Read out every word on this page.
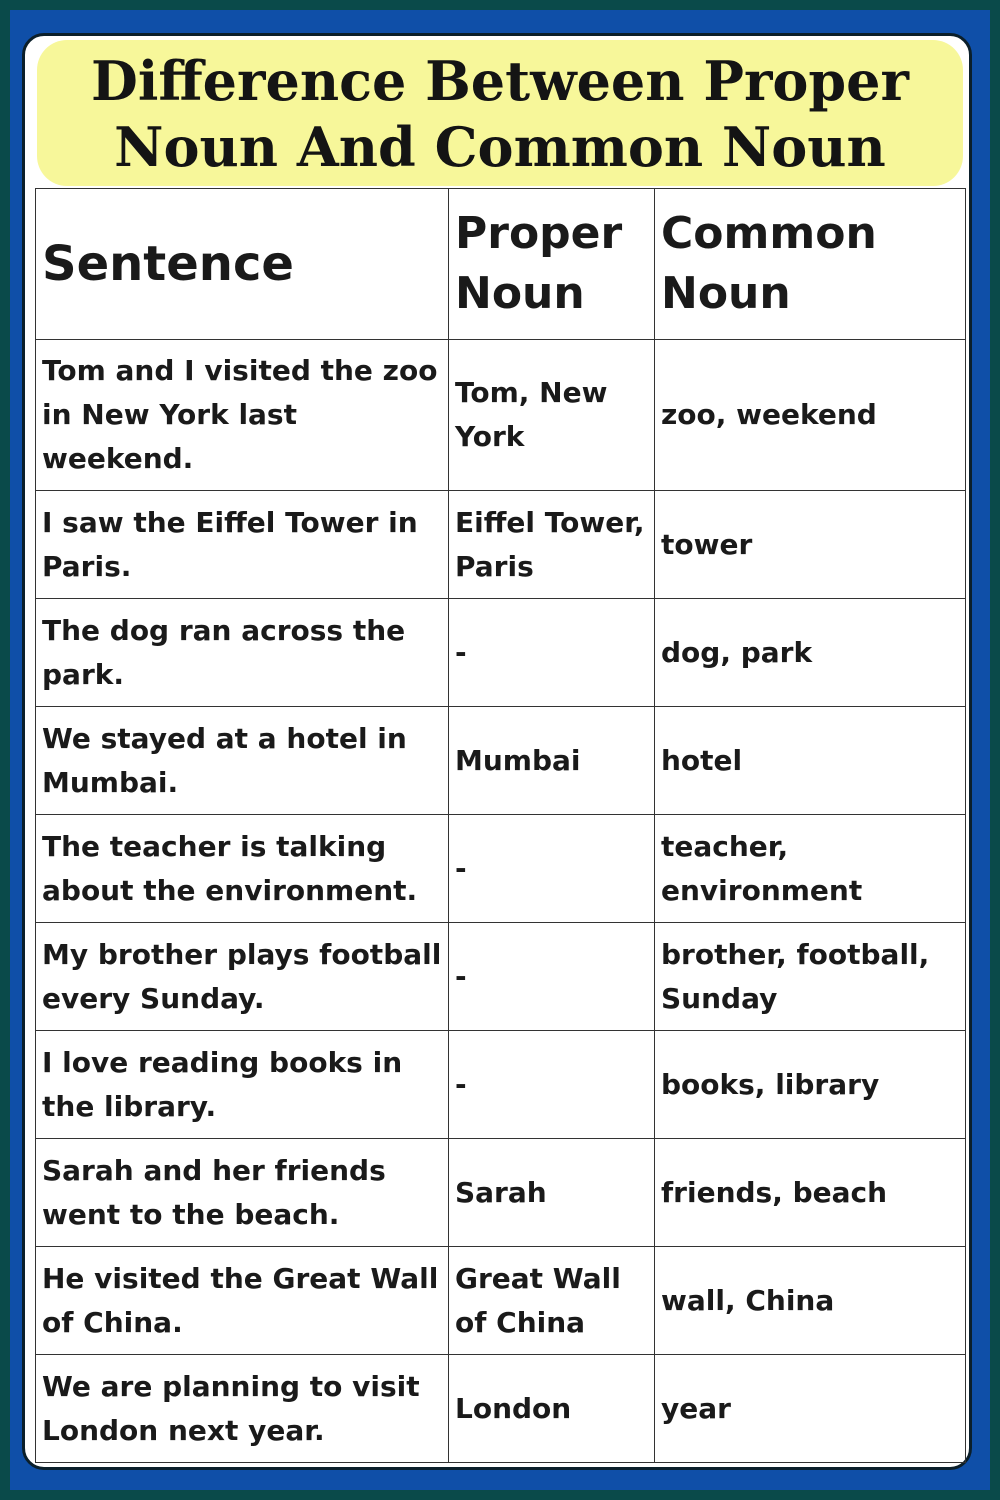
Difference Between Proper Noun And Common Noun
Sentence	Proper Noun	Common Noun
Tom and I visited the zoo in New York last weekend.	Tom, New York	zoo, weekend
I saw the Eiffel Tower in Paris.	Eiffel Tower, Paris	tower
The dog ran across the park.	-	dog, park
We stayed at a hotel in Mumbai.	Mumbai	hotel
The teacher is talking about the environment.	-	teacher, environment
My brother plays football every Sunday.	-	brother, football, Sunday
I love reading books in the library.	-	books, library
Sarah and her friends went to the beach.	Sarah	friends, beach
He visited the Great Wall of China.	Great Wall of China	wall, China
We are planning to visit London next year.	London	year
